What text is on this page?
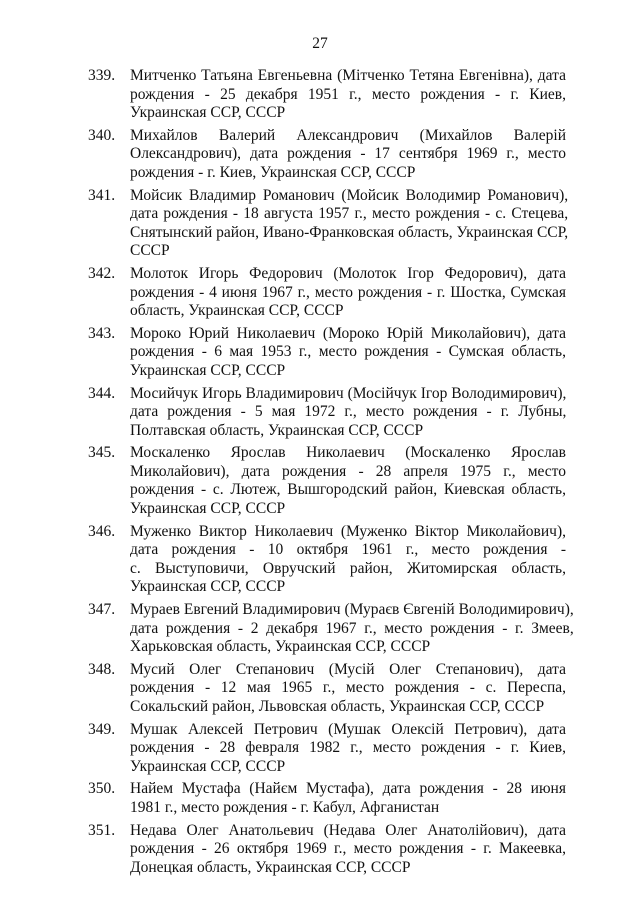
27
339. Митченко Татьяна Евгеньевна (Мітченко Тетяна Евгенівна), дата
рождения - 25 декабря 1951 г., место рождения - г. Киев,
Украинская ССР, СССР
340. Михайлов Валерий Александрович (Михайлов Валерій
Олександрович), дата рождения - 17 сентября 1969 г., место
рождения - г. Киев, Украинская ССР, СССР
341. Мойсик Владимир Романович (Мойсик Володимир Романович),
дата рождения - 18 августа 1957 г., место рождения - с. Стецева,
Снятынский район, Ивано-Франковская область, Украинская ССР,
СССР
342. Молоток Игорь Федорович (Молоток Ігор Федорович), дата
рождения - 4 июня 1967 г., место рождения - г. Шостка, Сумская
область, Украинская ССР, СССР
343. Мороко Юрий Николаевич (Мороко Юрій Миколайович), дата
рождения - 6 мая 1953 г., место рождения - Сумская область,
Украинская ССР, СССР
344. Мосийчук Игорь Владимирович (Мосійчук Ігор Володимирович),
дата рождения - 5 мая 1972 г., место рождения - г. Лубны,
Полтавская область, Украинская ССР, СССР
345. Москаленко Ярослав Николаевич (Москаленко Ярослав
Миколайович), дата рождения - 28 апреля 1975 г., место
рождения - с. Лютеж, Вышгородский район, Киевская область,
Украинская ССР, СССР
346. Муженко Виктор Николаевич (Муженко Віктор Миколайович),
дата рождения - 10 октября 1961 г., место рождения -
с. Выступовичи, Овручский район, Житомирская область,
Украинская ССР, СССР
347. Мураев Евгений Владимирович (Мураєв Євгеній Володимирович),
дата рождения - 2 декабря 1967 г., место рождения - г. Змеев,
Харьковская область, Украинская ССР, СССР
348. Мусий Олег Степанович (Мусій Олег Степанович), дата
рождения - 12 мая 1965 г., место рождения - с. Переспа,
Сокальский район, Львовская область, Украинская ССР, СССР
349. Мушак Алексей Петрович (Мушак Олексій Петрович), дата
рождения - 28 февраля 1982 г., место рождения - г. Киев,
Украинская ССР, СССР
350. Найем Мустафа (Найєм Мустафа), дата рождения - 28 июня
1981 г., место рождения - г. Кабул, Афганистан
351. Недава Олег Анатольевич (Недава Олег Анатолійович), дата
рождения - 26 октября 1969 г., место рождения - г. Макеевка,
Донецкая область, Украинская ССР, СССР
